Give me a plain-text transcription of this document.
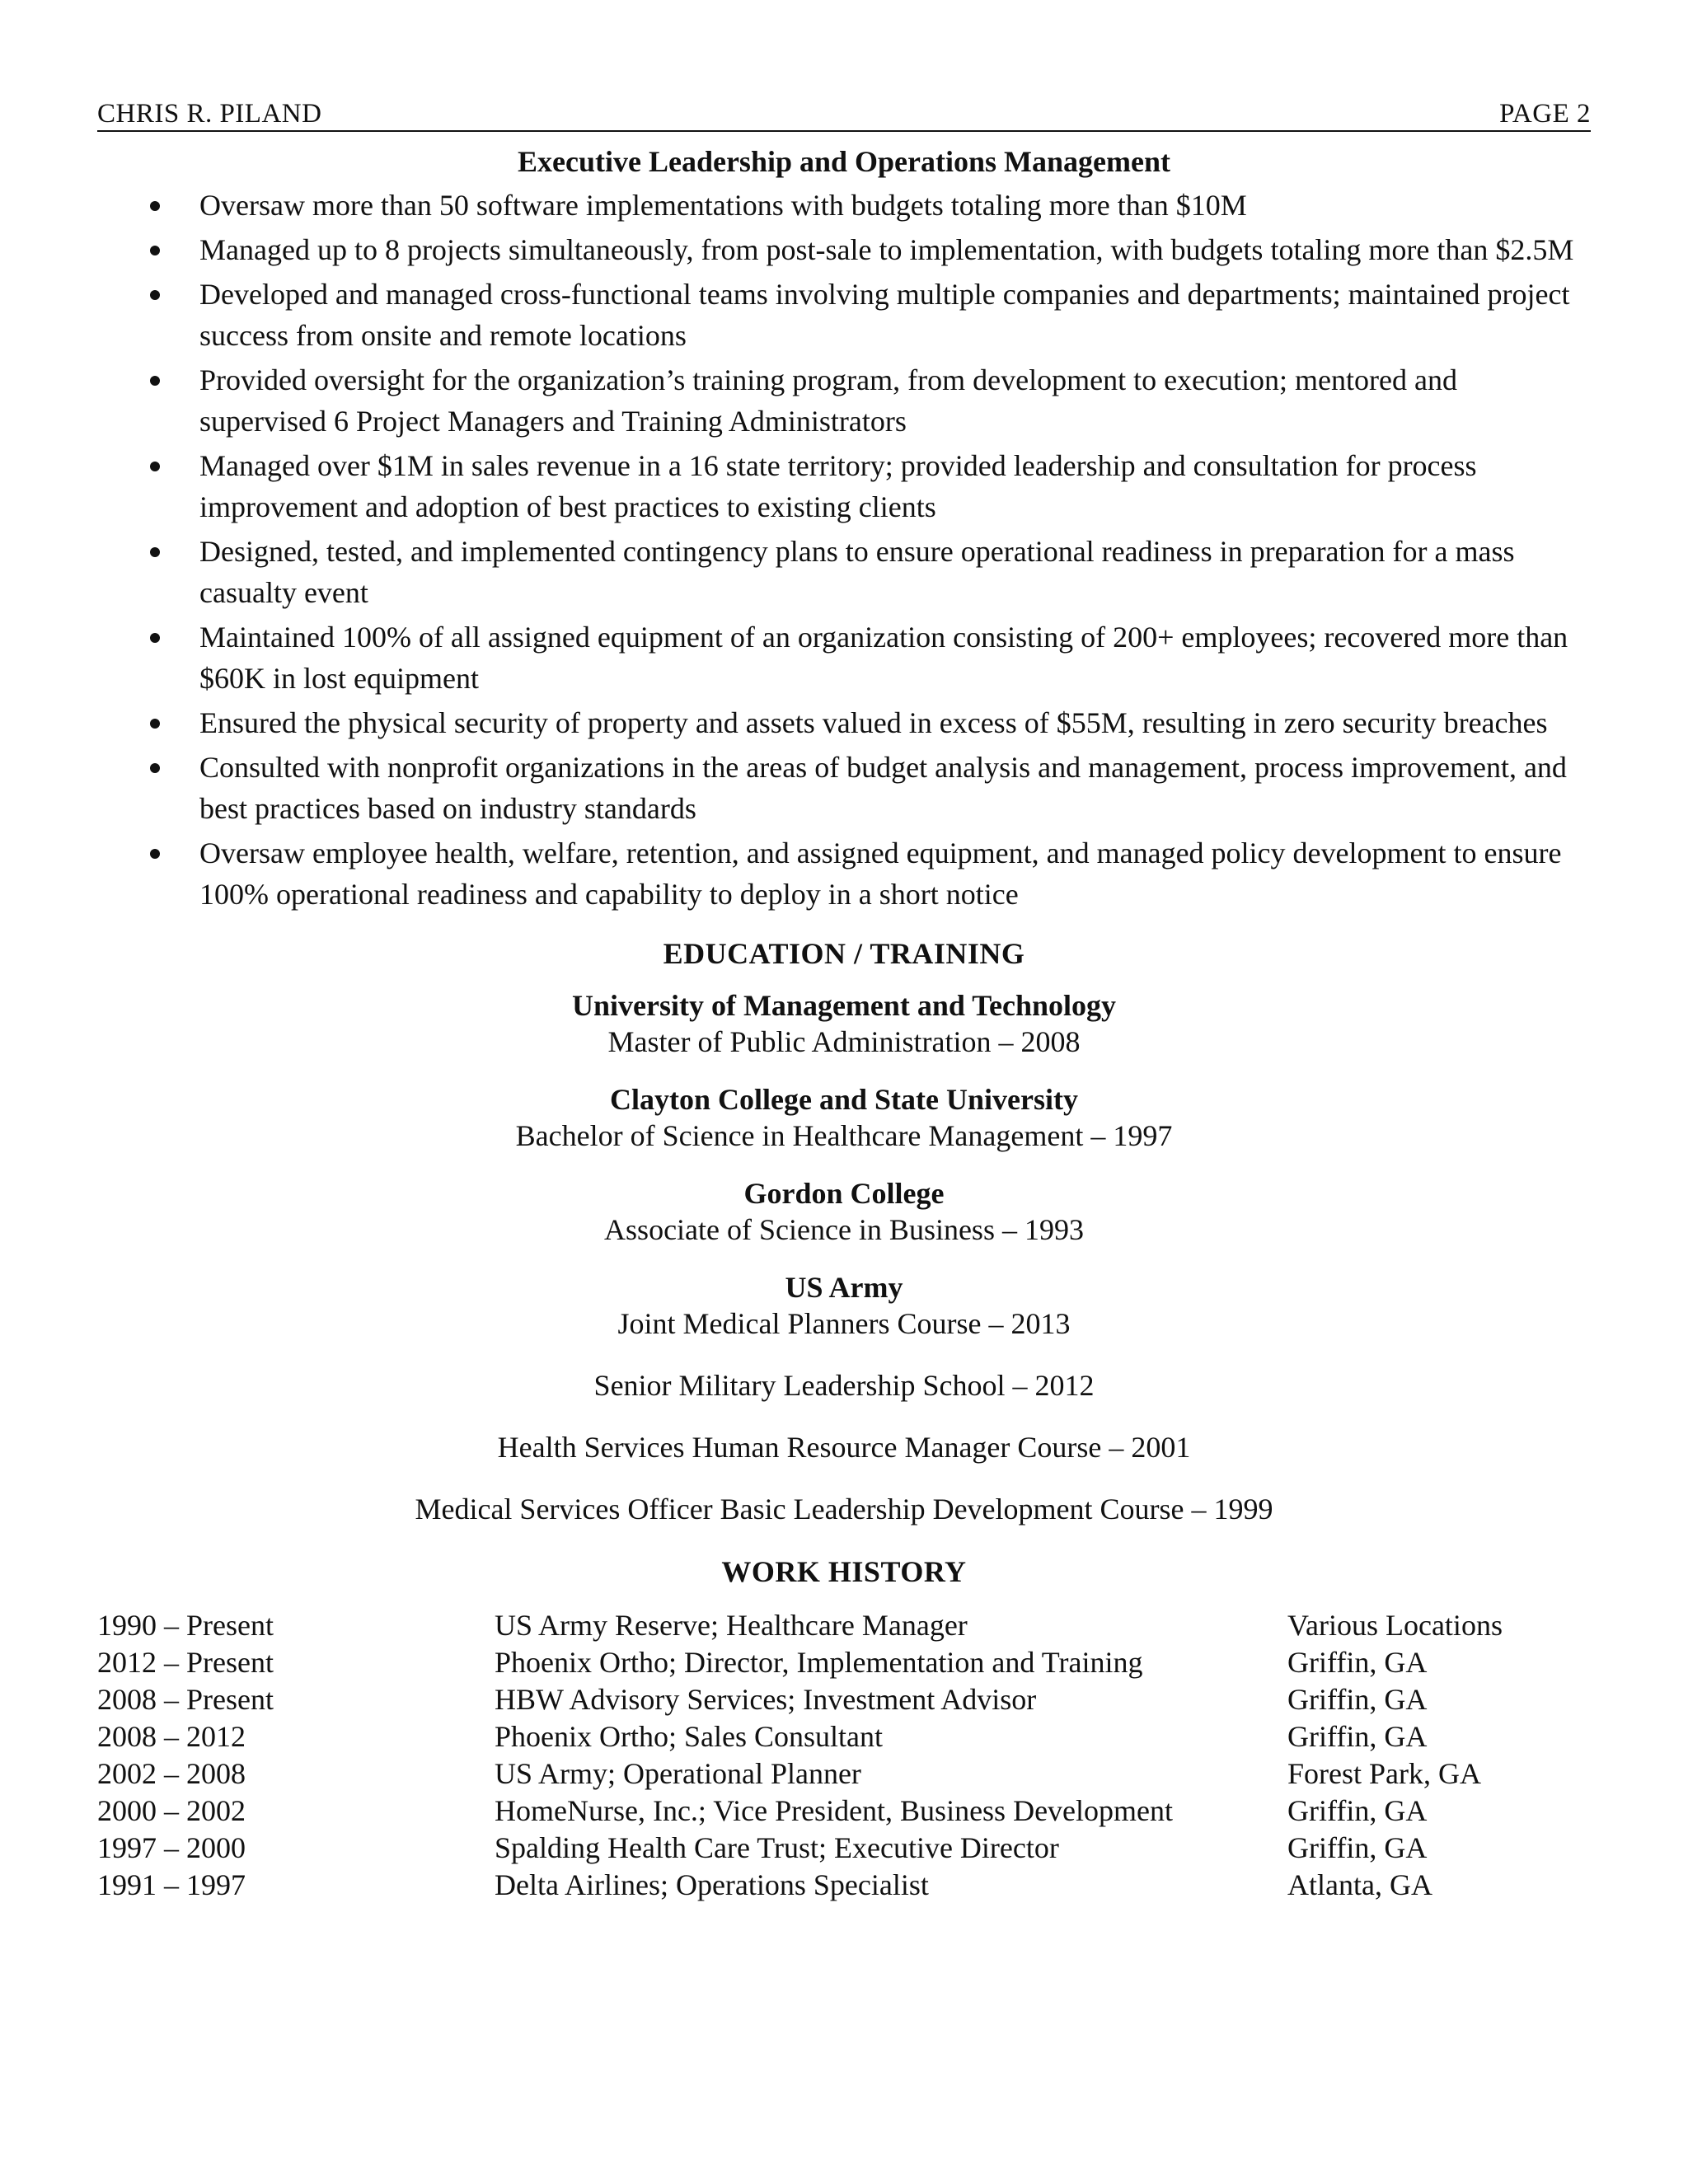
CHRIS R. PILAND	PAGE 2
Executive Leadership and Operations Management
Oversaw more than 50 software implementations with budgets totaling more than $10M
Managed up to 8 projects simultaneously, from post-sale to implementation, with budgets totaling more than $2.5M
Developed and managed cross-functional teams involving multiple companies and departments; maintained project success from onsite and remote locations
Provided oversight for the organization’s training program, from development to execution; mentored and supervised 6 Project Managers and Training Administrators
Managed over $1M in sales revenue in a 16 state territory; provided leadership and consultation for process improvement and adoption of best practices to existing clients
Designed, tested, and implemented contingency plans to ensure operational readiness in preparation for a mass casualty event
Maintained 100% of all assigned equipment of an organization consisting of 200+ employees; recovered more than $60K in lost equipment
Ensured the physical security of property and assets valued in excess of $55M, resulting in zero security breaches
Consulted with nonprofit organizations in the areas of budget analysis and management, process improvement, and best practices based on industry standards
Oversaw employee health, welfare, retention, and assigned equipment, and managed policy development to ensure 100% operational readiness and capability to deploy in a short notice
EDUCATION / TRAINING
University of Management and Technology
Master of Public Administration – 2008
Clayton College and State University
Bachelor of Science in Healthcare Management – 1997
Gordon College
Associate of Science in Business – 1993
US Army
Joint Medical Planners Course – 2013
Senior Military Leadership School – 2012
Health Services Human Resource Manager Course – 2001
Medical Services Officer Basic Leadership Development Course – 1999
WORK HISTORY
1990 – Present	US Army Reserve; Healthcare Manager	Various Locations
2012 – Present	Phoenix Ortho; Director, Implementation and Training	Griffin, GA
2008 – Present	HBW Advisory Services; Investment Advisor	Griffin, GA
2008 – 2012	Phoenix Ortho; Sales Consultant	Griffin, GA
2002 – 2008	US Army; Operational Planner	Forest Park, GA
2000 – 2002	HomeNurse, Inc.; Vice President, Business Development	Griffin, GA
1997 – 2000	Spalding Health Care Trust; Executive Director	Griffin, GA
1991 – 1997	Delta Airlines; Operations Specialist	Atlanta, GA
